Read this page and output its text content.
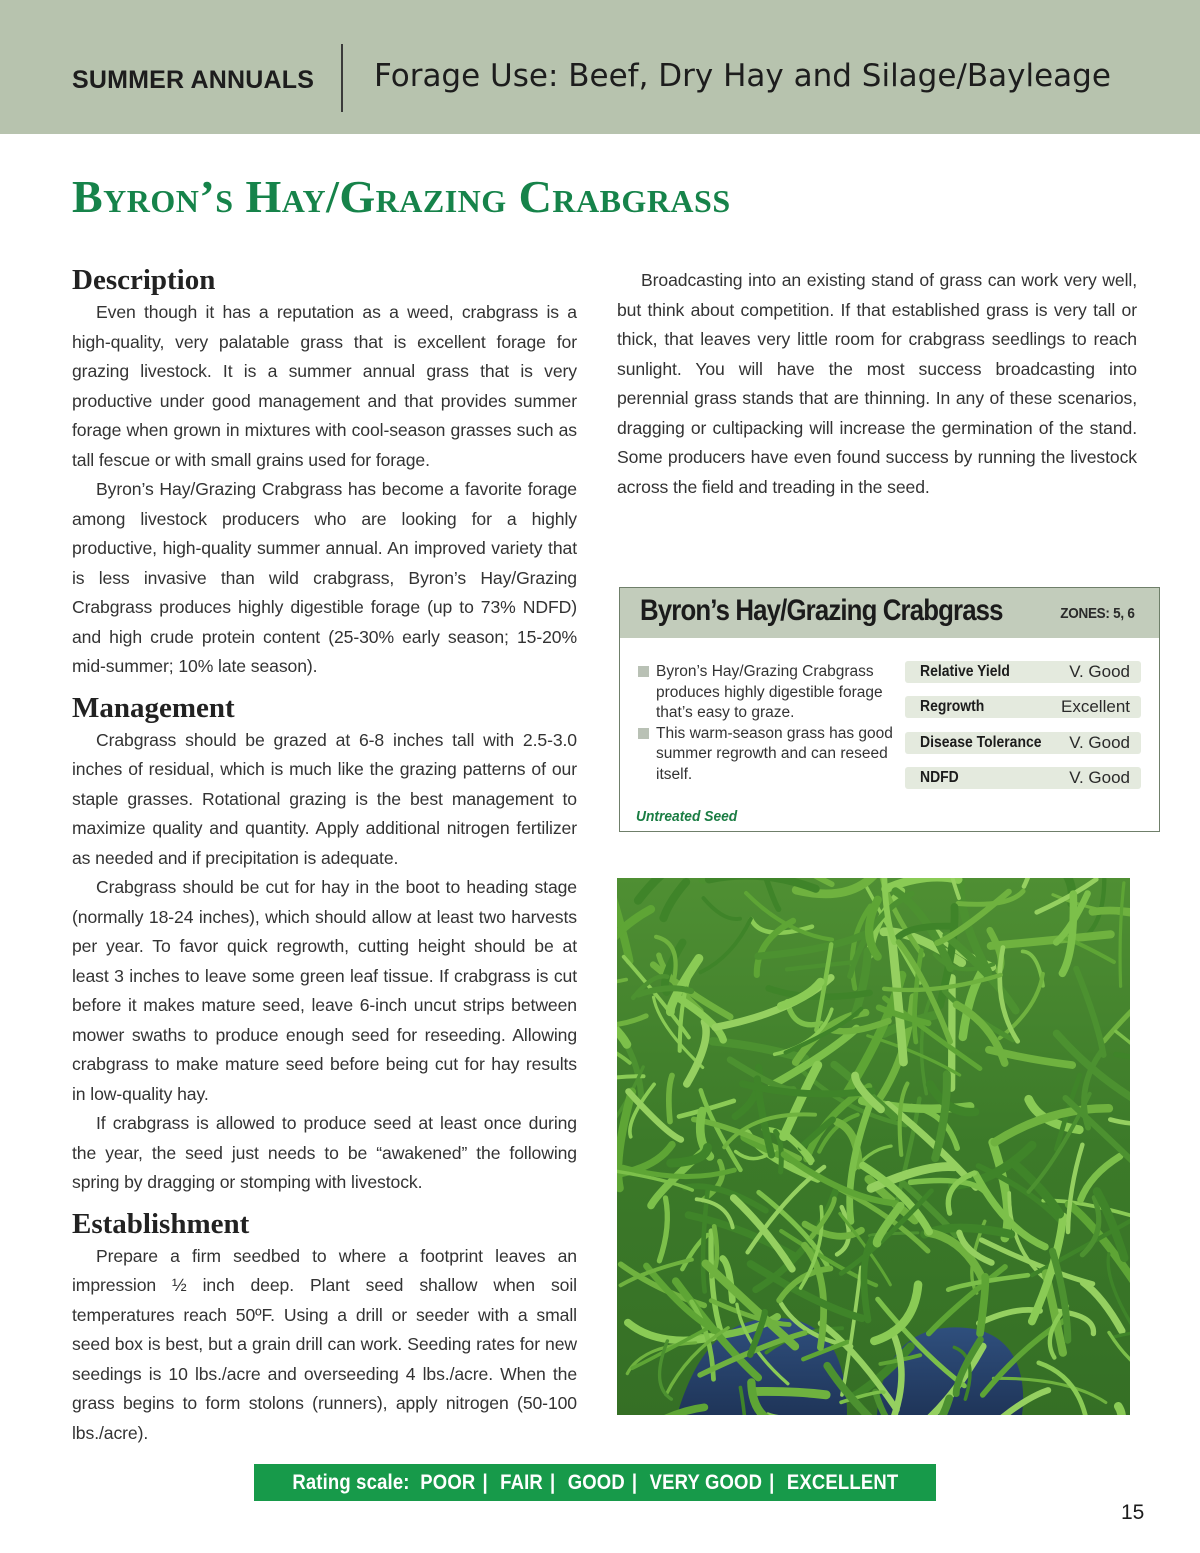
SUMMER ANNUALS Forage Use: Beef, Dry Hay and Silage/Bayleage
Byron’s Hay/Grazing Crabgrass
Description

Even though it has a reputation as a weed, crabgrass is a high-quality, very palatable grass that is excellent forage for grazing livestock. It is a summer annual grass that is very productive under good management and that provides summer forage when grown in mixtures with cool-season grasses such as tall fescue or with small grains used for forage.

Byron’s Hay/Grazing Crabgrass has become a favorite forage among livestock producers who are looking for a highly productive, high-quality summer annual. An improved variety that is less invasive than wild crabgrass, Byron’s Hay/Grazing Crabgrass produces highly digestible forage (up to 73% NDFD) and high crude protein content (25-30% early season; 15-20% mid-summer; 10% late season).

Management

Crabgrass should be grazed at 6-8 inches tall with 2.5-3.0 inches of residual, which is much like the grazing patterns of our staple grasses. Rotational grazing is the best management to maximize quality and quantity. Apply additional nitrogen fertilizer as needed and if precipitation is adequate.

Crabgrass should be cut for hay in the boot to heading stage (normally 18-24 inches), which should allow at least two harvests per year. To favor quick regrowth, cutting height should be at least 3 inches to leave some green leaf tissue. If crabgrass is cut before it makes mature seed, leave 6-inch uncut strips between mower swaths to produce enough seed for reseeding. Allowing crabgrass to make mature seed before being cut for hay results in low-quality hay.

If crabgrass is allowed to produce seed at least once during the year, the seed just needs to be “awakened” the following spring by dragging or stomping with livestock.

Establishment

Prepare a firm seedbed to where a footprint leaves an impression ½ inch deep. Plant seed shallow when soil temperatures reach 50ºF. Using a drill or seeder with a small seed box is best, but a grain drill can work. Seeding rates for new seedings is 10 lbs./acre and overseeding 4 lbs./acre. When the grass begins to form stolons (runners), apply nitrogen (50-100 lbs./acre).

Broadcasting into an existing stand of grass can work very well, but think about competition. If that established grass is very tall or thick, that leaves very little room for crabgrass seedlings to reach sunlight. You will have the most success broadcasting into perennial grass stands that are thinning. In any of these scenarios, dragging or cultipacking will increase the germination of the stand. Some producers have even found success by running the livestock across the field and treading in the seed.

Byron’s Hay/Grazing Crabgrass	ZONES: 5, 6
Byron’s Hay/Grazing Crabgrass produces highly digestible forage that’s easy to graze.
This warm-season grass has good summer regrowth and can reseed itself.
Relative Yield	V. Good
Regrowth	Excellent
Disease Tolerance V. Good
NDFD	V. Good
Untreated Seed
Rating scale: POOR | FAIR | GOOD | VERY GOOD | EXCELLENT
15
